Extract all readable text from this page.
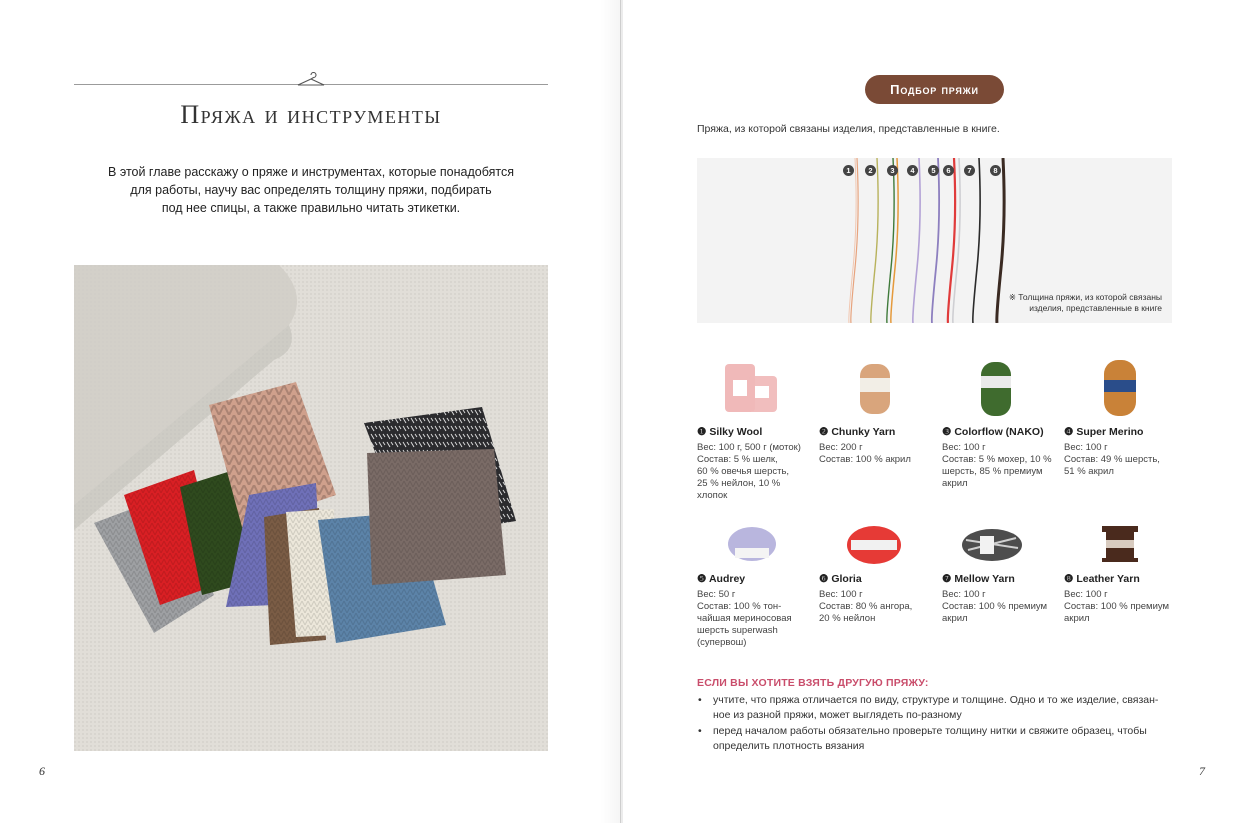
Пряжа и инструменты
В этой главе расскажу о пряже и инструментах, которые понадобятся
для работы, научу вас определять толщину пряжи, подбирать
под нее спицы, а также правильно читать этикетки.
6
Подбор пряжи
Пряжа, из которой связаны изделия, представленные в книге.
1	2	3	4	5	6	7	8
※ Толщина пряжи, из которой связаны
изделия, представленные в книге
❶ Silky Wool
Вес: 100 г, 500 г (моток)
Состав: 5 % шелк,
60 % овечья шерсть,
25 % нейлон, 10 %
хлопок
❷ Chunky Yarn
Вес: 200 г
Состав: 100 % акрил
❸ Colorflow (NAKO)
Вес: 100 г
Состав: 5 % мохер, 10 %
шерсть, 85 % премиум
акрил
❹ Super Merino
Вес: 100 г
Состав: 49 % шерсть,
51 % акрил
❺ Audrey
Вес: 50 г
Состав: 100 % тон-
чайшая мериносовая
шерсть superwash
(супервош)
❻ Gloria
Вес: 100 г
Состав: 80 % ангора,
20 % нейлон
❼ Mellow Yarn
Вес: 100 г
Состав: 100 % премиум
акрил
❽ Leather Yarn
Вес: 100 г
Состав: 100 % премиум
акрил
ЕСЛИ ВЫ ХОТИТЕ ВЗЯТЬ ДРУГУЮ ПРЯЖУ:
• учтите, что пряжа отличается по виду, структуре и толщине. Одно и то же изделие, связан-
ное из разной пряжи, может выглядеть по-разному
• перед началом работы обязательно проверьте толщину нитки и свяжите образец, чтобы
определить плотность вязания
7
